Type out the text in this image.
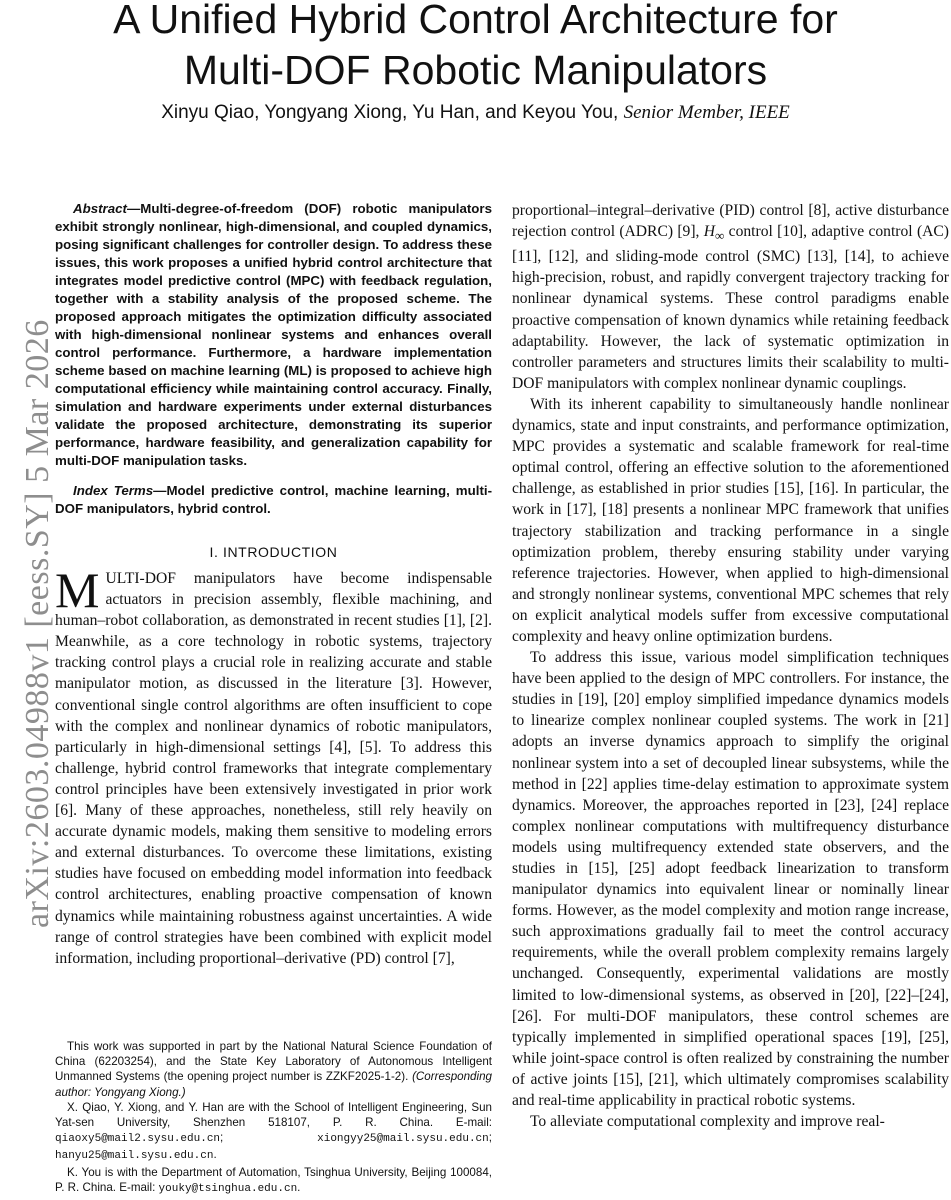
A Unified Hybrid Control Architecture for
Multi-DOF Robotic Manipulators
Xinyu Qiao, Yongyang Xiong, Yu Han, and Keyou You, Senior Member, IEEE
arXiv:2603.04988v1 [eess.SY] 5 Mar 2026

Abstract—Multi-degree-of-freedom (DOF) robotic manipulators exhibit strongly nonlinear, high-dimensional, and coupled dynamics, posing significant challenges for controller design. To address these issues, this work proposes a unified hybrid control architecture that integrates model predictive control (MPC) with feedback regulation, together with a stability analysis of the proposed scheme. The proposed approach mitigates the optimization difficulty associated with high-dimensional nonlinear systems and enhances overall control performance. Furthermore, a hardware implementation scheme based on machine learning (ML) is proposed to achieve high computational efficiency while maintaining control accuracy. Finally, simulation and hardware experiments under external disturbances validate the proposed architecture, demonstrating its superior performance, hardware feasibility, and generalization capability for multi-DOF manipulation tasks.

Index Terms—Model predictive control, machine learning, multi-DOF manipulators, hybrid control.

I. INTRODUCTION

MULTI-DOF manipulators have become indispensable actuators in precision assembly, flexible machining, and human–robot collaboration, as demonstrated in recent studies [1], [2]. Meanwhile, as a core technology in robotic systems, trajectory tracking control plays a crucial role in realizing accurate and stable manipulator motion, as discussed in the literature [3]. However, conventional single control algorithms are often insufficient to cope with the complex and nonlinear dynamics of robotic manipulators, particularly in high-dimensional settings [4], [5]. To address this challenge, hybrid control frameworks that integrate complementary control principles have been extensively investigated in prior work [6]. Many of these approaches, nonetheless, still rely heavily on accurate dynamic models, making them sensitive to modeling errors and external disturbances. To overcome these limitations, existing studies have focused on embedding model information into feedback control architectures, enabling proactive compensation of known dynamics while maintaining robustness against uncertainties. A wide range of control strategies have been combined with explicit model information, including proportional–derivative (PD) control [7],

This work was supported in part by the National Natural Science Foundation of China (62203254), and the State Key Laboratory of Autonomous Intelligent Unmanned Systems (the opening project number is ZZKF2025-1-2). (Corresponding author: Yongyang Xiong.)

X. Qiao, Y. Xiong, and Y. Han are with the School of Intelligent Engineering, Sun Yat-sen University, Shenzhen 518107, P. R. China. E-mail: qiaoxy5@mail2.sysu.edu.cn;	xiongyy25@mail.sysu.edu.cn; hanyu25@mail.sysu.edu.cn.

K. You is with the Department of Automation, Tsinghua University, Beijing 100084, P. R. China. E-mail: youky@tsinghua.edu.cn.

proportional–integral–derivative (PID) control [8], active disturbance rejection control (ADRC) [9], $H_\infty$ control [10], adaptive control (AC) [11], [12], and sliding-mode control (SMC) [13], [14], to achieve high-precision, robust, and rapidly convergent trajectory tracking for nonlinear dynamical systems. These control paradigms enable proactive compensation of known dynamics while retaining feedback adaptability. However, the lack of systematic optimization in controller parameters and structures limits their scalability to multi-DOF manipulators with complex nonlinear dynamic couplings.

With its inherent capability to simultaneously handle nonlinear dynamics, state and input constraints, and performance optimization, MPC provides a systematic and scalable framework for real-time optimal control, offering an effective solution to the aforementioned challenge, as established in prior studies [15], [16]. In particular, the work in [17], [18] presents a nonlinear MPC framework that unifies trajectory stabilization and tracking performance in a single optimization problem, thereby ensuring stability under varying reference trajectories. However, when applied to high-dimensional and strongly nonlinear systems, conventional MPC schemes that rely on explicit analytical models suffer from excessive computational complexity and heavy online optimization burdens.

To address this issue, various model simplification techniques have been applied to the design of MPC controllers. For instance, the studies in [19], [20] employ simplified impedance dynamics models to linearize complex nonlinear coupled systems. The work in [21] adopts an inverse dynamics approach to simplify the original nonlinear system into a set of decoupled linear subsystems, while the method in [22] applies time-delay estimation to approximate system dynamics. Moreover, the approaches reported in [23], [24] replace complex nonlinear computations with multifrequency disturbance models using multifrequency extended state observers, and the studies in [15], [25] adopt feedback linearization to transform manipulator dynamics into equivalent linear or nominally linear forms. However, as the model complexity and motion range increase, such approximations gradually fail to meet the control accuracy requirements, while the overall problem complexity remains largely unchanged. Consequently, experimental validations are mostly limited to low-dimensional systems, as observed in [20], [22]–[24], [26]. For multi-DOF manipulators, these control schemes are typically implemented in simplified operational spaces [19], [25], while joint-space control is often realized by constraining the number of active joints [15], [21], which ultimately compromises scalability and real-time applicability in practical robotic systems.

To alleviate computational complexity and improve real-
